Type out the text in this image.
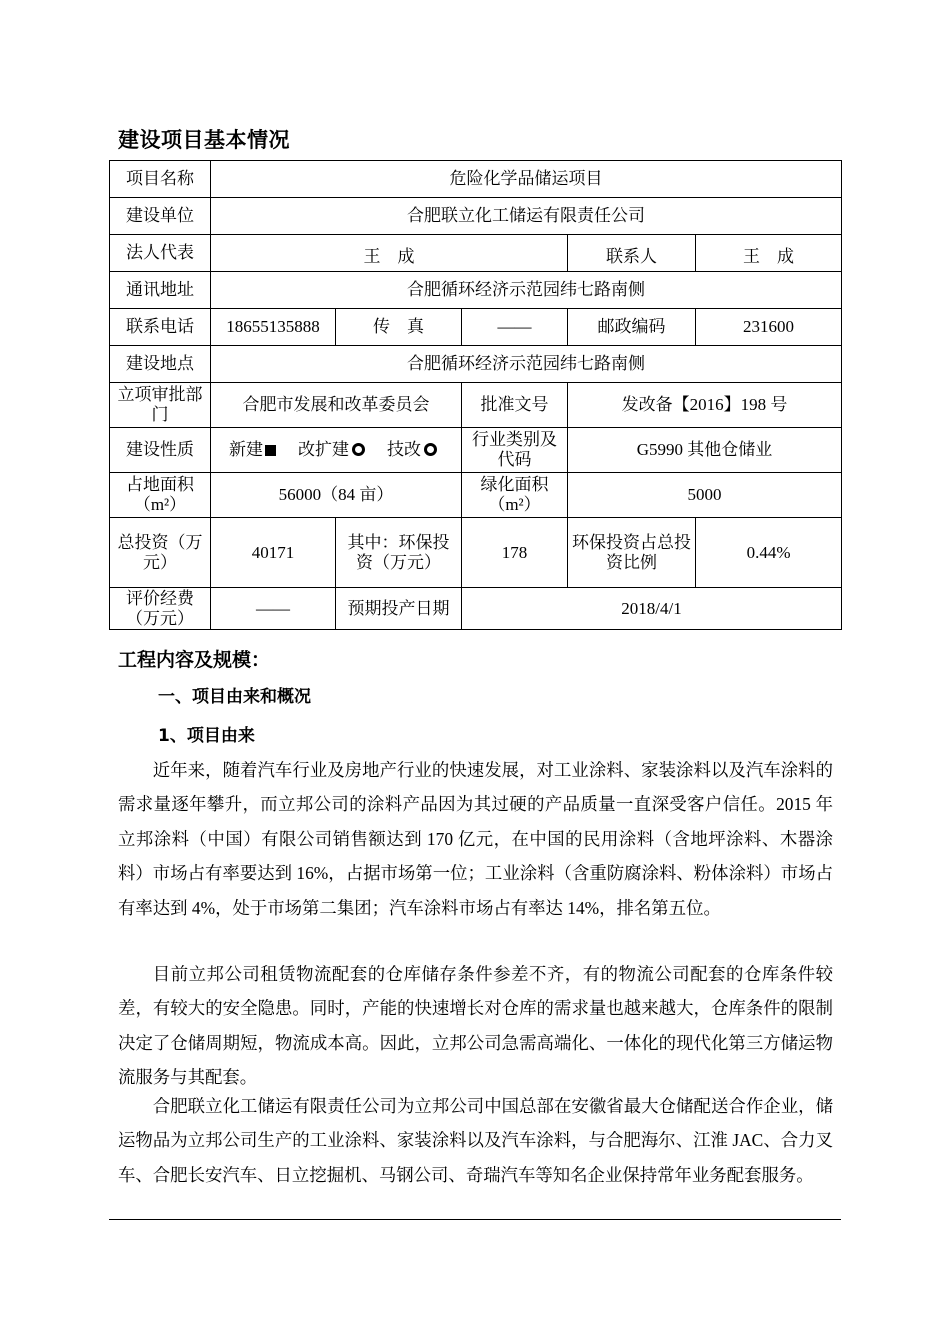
建设项目基本情况
项目名称	危险化学品储运项目				
建设单位	合肥联立化工储运有限责任公司				
法人代表	王　成			联系人	王　成
通讯地址	合肥循环经济示范园纬七路南侧				
联系电话	18655135888	传　真	——	邮政编码	231600
建设地点	合肥循环经济示范园纬七路南侧				
立项审批部门	合肥市发展和改革委员会		批准文号	发改备【2016】198 号	
建设性质	新建 改扩建 技改		行业类别及代码	G5990 其他仓储业	
占地面积（m²）	56000（84 亩）		绿化面积（m²）	5000	
总投资（万元）	40171	其中：环保投资（万元）	178	环保投资占总投资比例	0.44%
评价经费（万元）	——	预期投产日期	2018/4/1		
工程内容及规模：
一、项目由来和概况
1、项目由来

近年来，随着汽车行业及房地产行业的快速发展，对工业涂料、家装涂料以及汽车涂料的需求量逐年攀升，而立邦公司的涂料产品因为其过硬的产品质量一直深受客户信任。2015 年立邦涂料（中国）有限公司销售额达到 170 亿元，在中国的民用涂料（含地坪涂料、木器涂料）市场占有率要达到 16%，占据市场第一位；工业涂料（含重防腐涂料、粉体涂料）市场占有率达到 4%，处于市场第二集团；汽车涂料市场占有率达 14%，排名第五位。

目前立邦公司租赁物流配套的仓库储存条件参差不齐，有的物流公司配套的仓库条件较差，有较大的安全隐患。同时，产能的快速增长对仓库的需求量也越来越大，仓库条件的限制决定了仓储周期短，物流成本高。因此，立邦公司急需高端化、一体化的现代化第三方储运物流服务与其配套。

合肥联立化工储运有限责任公司为立邦公司中国总部在安徽省最大仓储配送合作企业，储运物品为立邦公司生产的工业涂料、家装涂料以及汽车涂料，与合肥海尔、江淮 JAC、合力叉车、合肥长安汽车、日立挖掘机、马钢公司、奇瑞汽车等知名企业保持常年业务配套服务。
